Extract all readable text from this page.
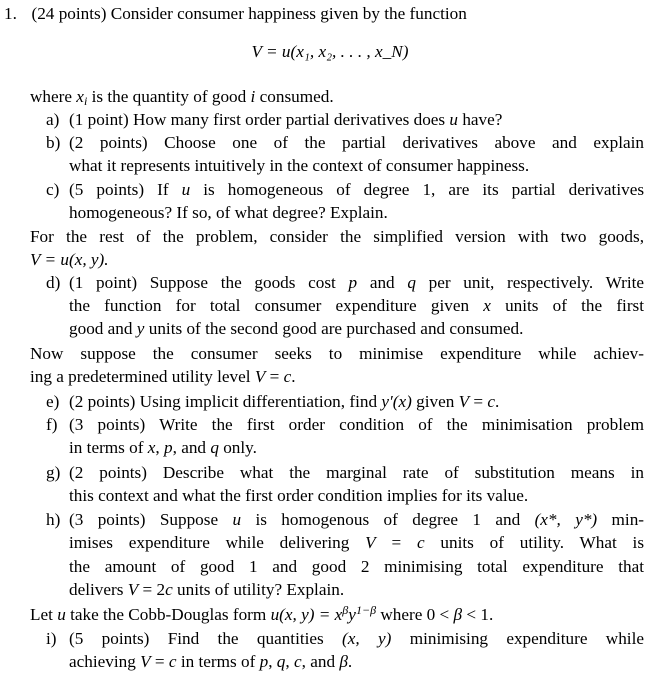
1. (24 points) Consider consumer happiness given by the function
V = u(x₁, x₂, . . . , x_N)
where $x_i$ is the quantity of good i consumed.
a) (1 point) How many first order partial derivatives does u have?
b) (2 points) Choose one of the partial derivatives above and explain
what it represents intuitively in the context of consumer happiness.
c) (5 points) If u is homogeneous of degree 1, are its partial derivatives
homogeneous? If so, of what degree? Explain.
For the rest of the problem, consider the simplified version with two goods,
V = u(x, y).
d) (1 point) Suppose the goods cost p and q per unit, respectively. Write
the function for total consumer expenditure given x units of the first
good and y units of the second good are purchased and consumed.
Now suppose the consumer seeks to minimise expenditure while achiev-
ing a predetermined utility level V = c.
e) (2 points) Using implicit differentiation, find y′(x) given V = c.
f) (3 points) Write the first order condition of the minimisation problem
in terms of x, p, and q only.
g) (2 points) Describe what the marginal rate of substitution means in
this context and what the first order condition implies for its value.
h) (3 points) Suppose u is homogenous of degree 1 and (x*, y*) min-
imises expenditure while delivering V = c units of utility. What is
the amount of good 1 and good 2 minimising total expenditure that
delivers V = 2c units of utility? Explain.
Let u take the Cobb-Douglas form u(x, $y) = x^\beta y^{1-\beta}$ where 0 < β < 1.
i) (5 points) Find the quantities (x, y) minimising expenditure while
achieving V = c in terms of p, q, c, and β.
